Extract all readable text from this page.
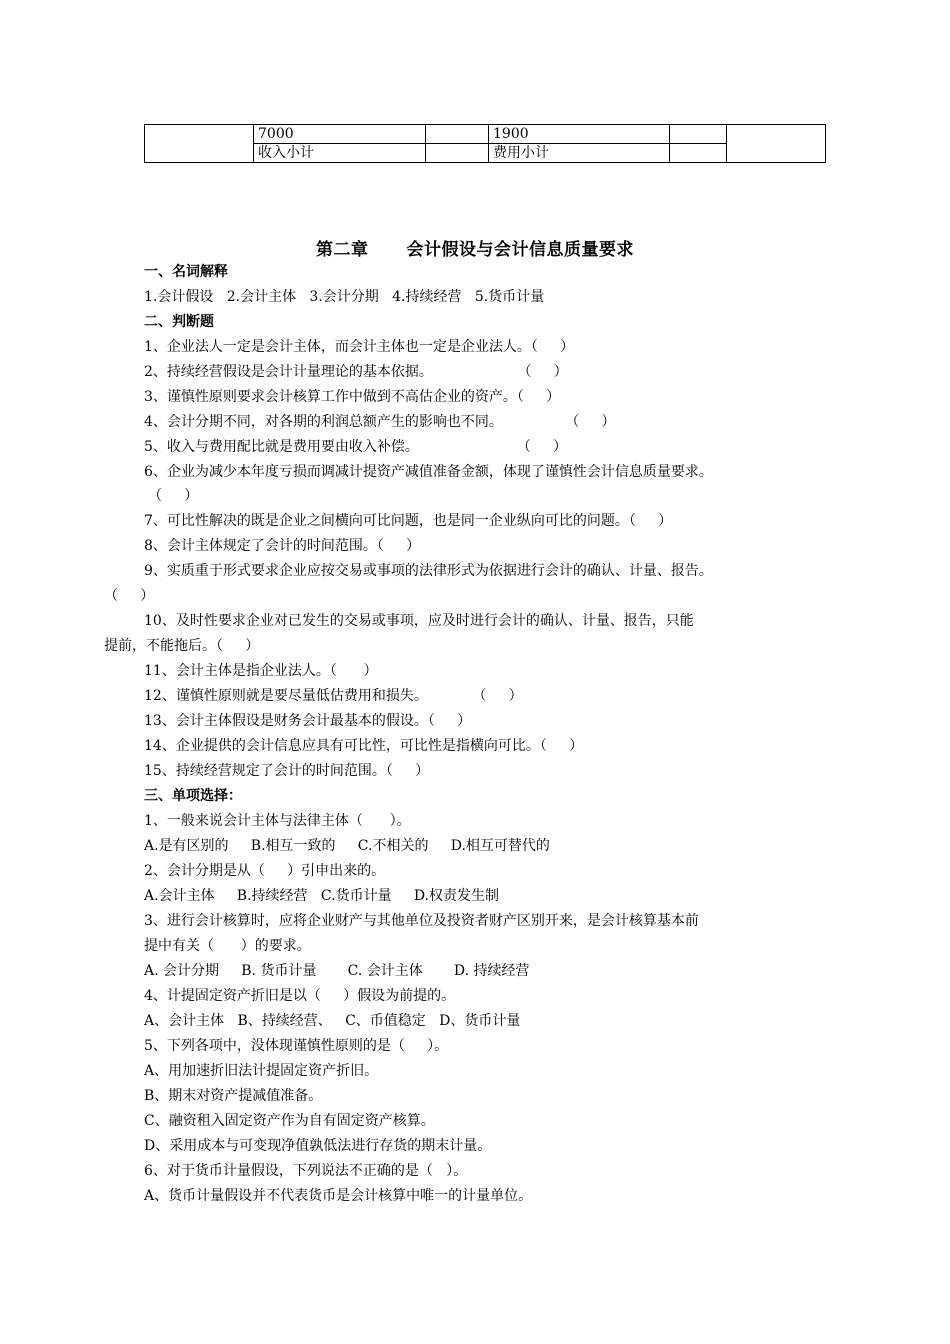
	7000		1900		
	收入小计		费用小计		
第二章 会计假设与会计信息质量要求
一、名词解释
1.会计假设   2.会计主体   3.会计分期   4.持续经营   5.货币计量
二、判断题
1、企业法人一定是会计主体，而会计主体也一定是企业法人。（     ）
2、持续经营假设是会计计量理论的基本依据。                   （     ）
3、谨慎性原则要求会计核算工作中做到不高估企业的资产。（     ）
4、会计分期不同，对各期的利润总额产生的影响也不同。              （     ）
5、收入与费用配比就是费用要由收入补偿。                      （     ）
6、企业为减少本年度亏损而调减计提资产减值准备金额，体现了谨慎性会计信息质量要求。
（     ）
7、可比性解决的既是企业之间横向可比问题，也是同一企业纵向可比的问题。（     ）
8、会计主体规定了会计的时间范围。（     ）
9、实质重于形式要求企业应按交易或事项的法律形式为依据进行会计的确认、计量、报告。
（     ）
10、及时性要求企业对已发生的交易或事项，应及时进行会计的确认、计量、报告，只能
提前，不能拖后。（     ）
11、会计主体是指企业法人。（      ）
12、谨慎性原则就是要尽量低估费用和损失。          （     ）
13、会计主体假设是财务会计最基本的假设。（     ）
14、企业提供的会计信息应具有可比性，可比性是指横向可比。（     ）
15、持续经营规定了会计的时间范围。（     ）
三、单项选择：
1、一般来说会计主体与法律主体（      ）。
A.是有区别的     B.相互一致的     C.不相关的     D.相互可替代的
2、会计分期是从（     ）引申出来的。
A.会计主体     B.持续经营   C.货币计量     D.权责发生制
3、进行会计核算时，应将企业财产与其他单位及投资者财产区别开来，是会计核算基本前
提中有关（      ）的要求。
A. 会计分期     B. 货币计量       C. 会计主体       D. 持续经营
4、计提固定资产折旧是以（     ）假设为前提的。
A、会计主体   B、持续经营、   C、币值稳定   D、货币计量
5、下列各项中，没体现谨慎性原则的是（     ）。
A、用加速折旧法计提固定资产折旧。
B、期末对资产提减值准备。
C、融资租入固定资产作为自有固定资产核算。
D、采用成本与可变现净值孰低法进行存货的期末计量。
6、对于货币计量假设，下列说法不正确的是（   ）。
A、货币计量假设并不代表货币是会计核算中唯一的计量单位。
